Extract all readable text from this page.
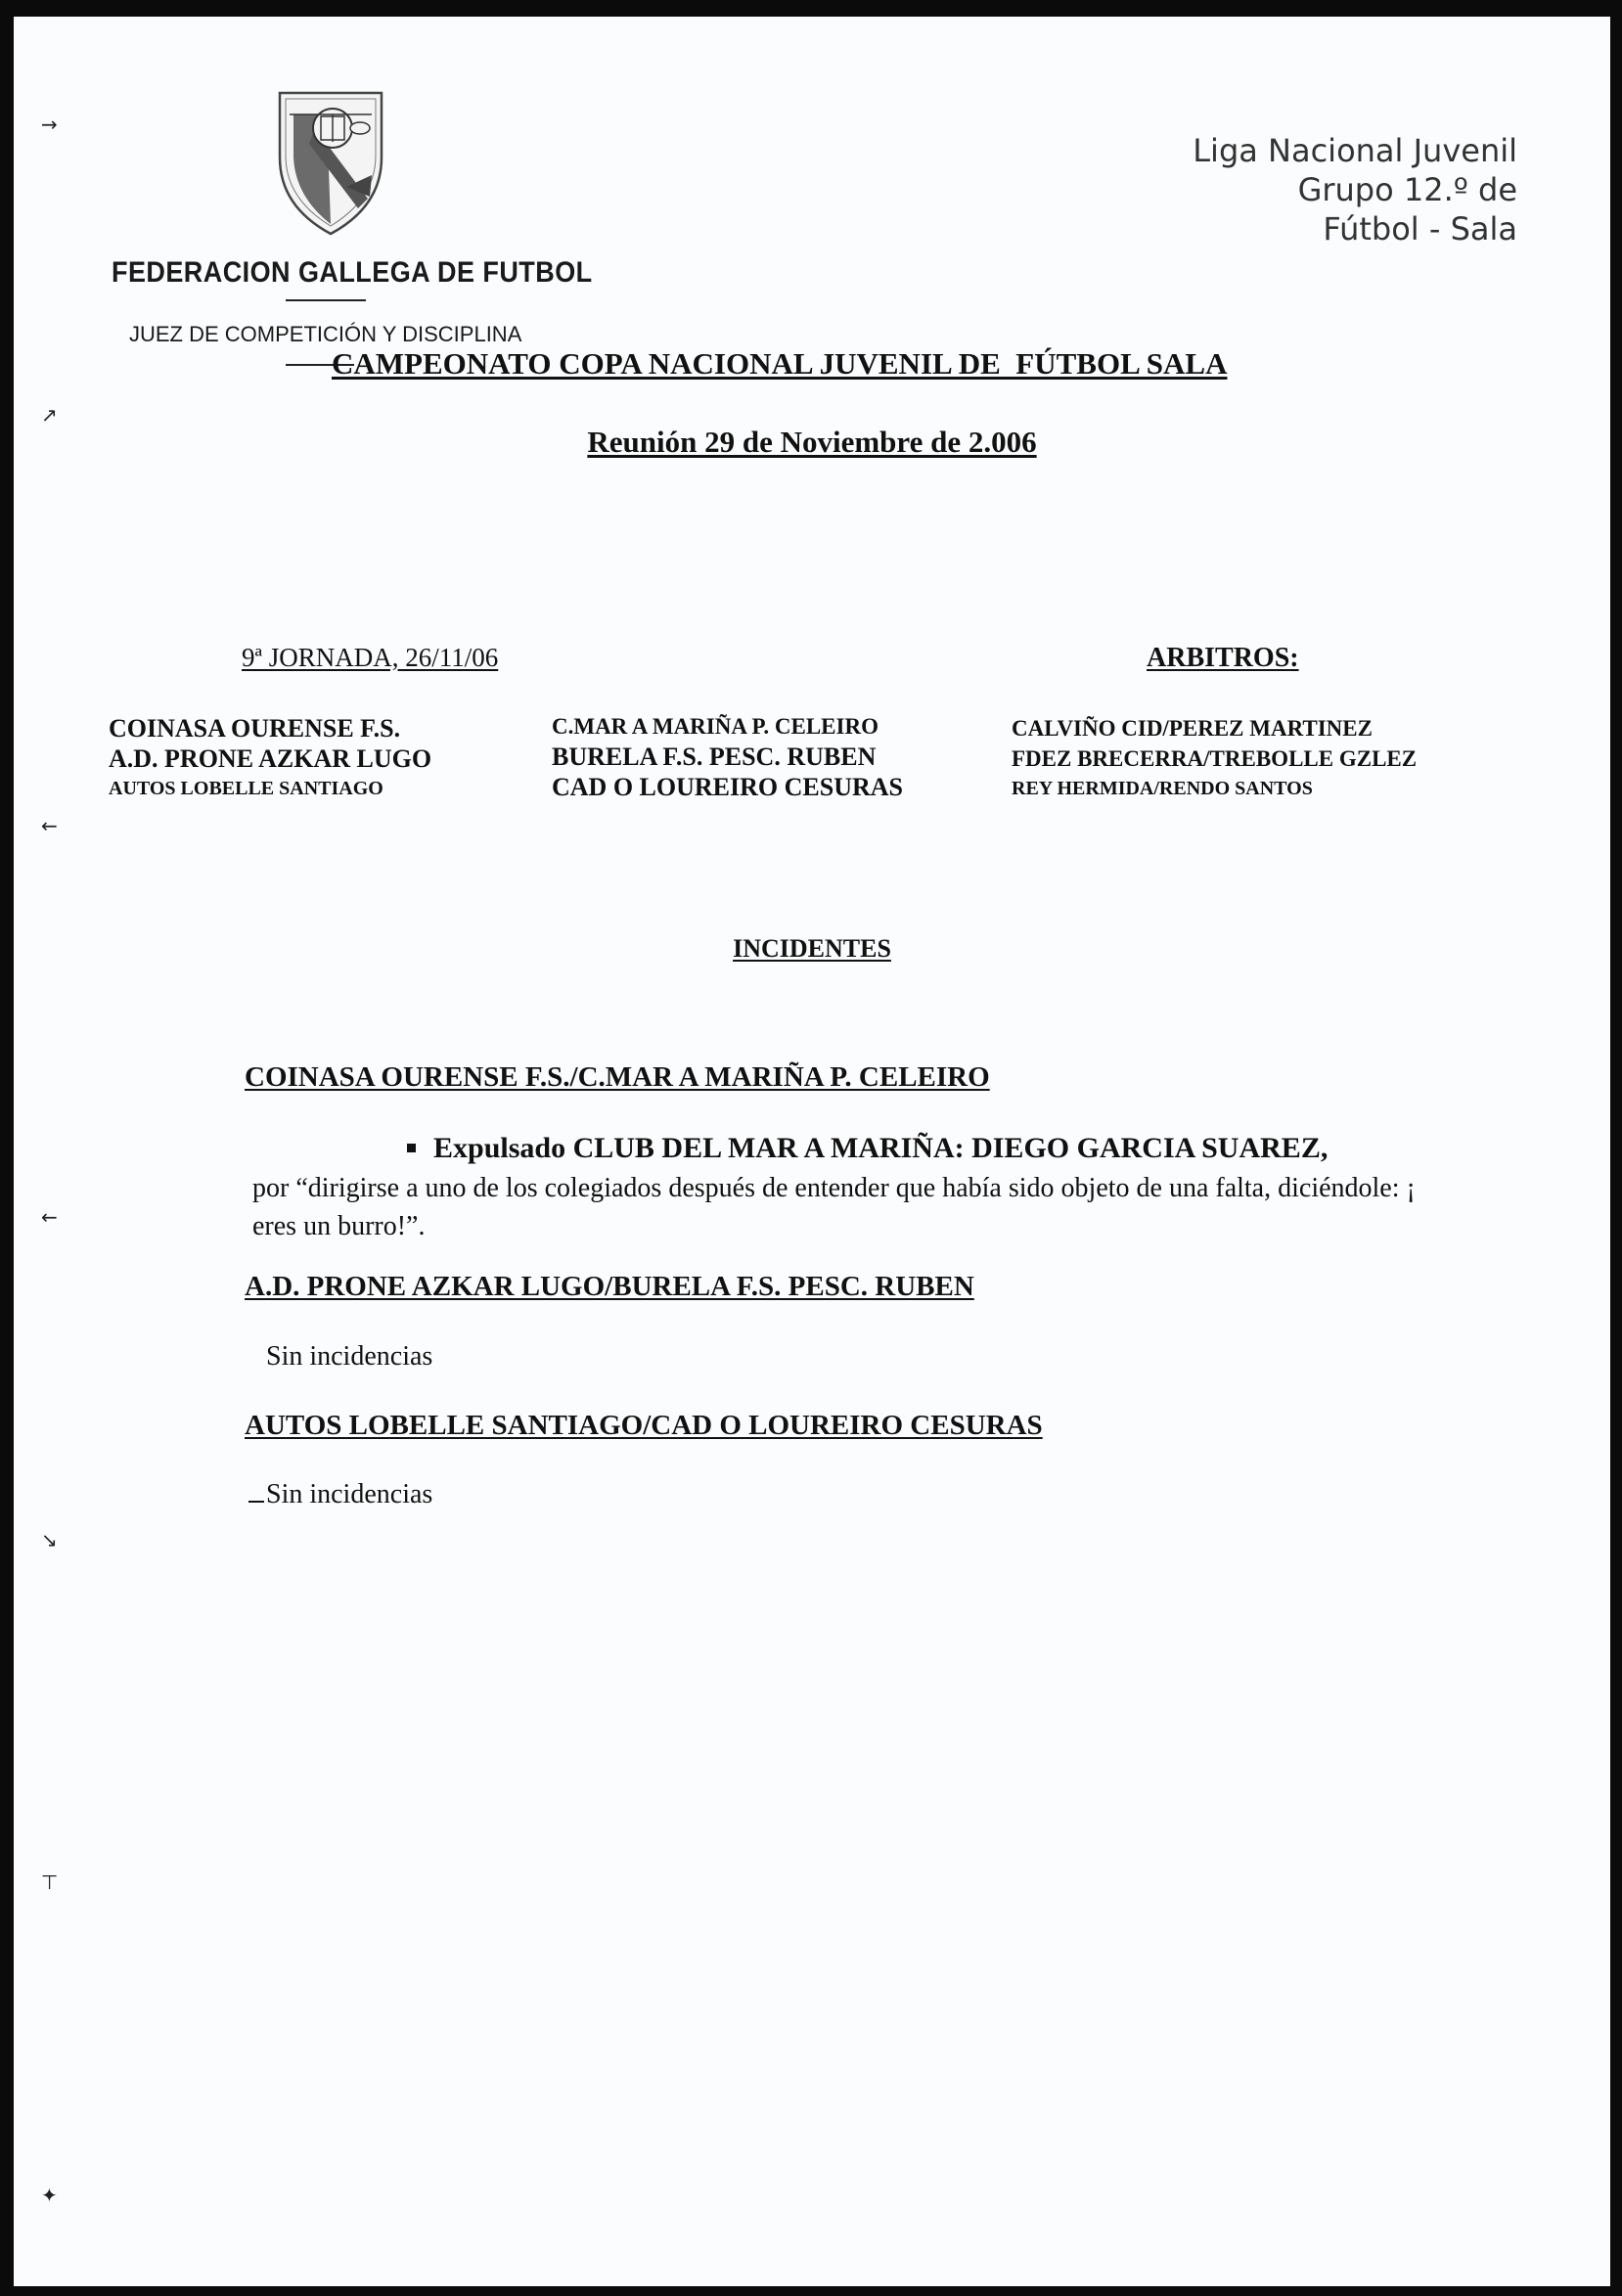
FEDERACION GALLEGA DE FUTBOL
JUEZ DE COMPETICIÓN Y DISCIPLINA
Liga Nacional Juvenil
Grupo 12.º de
Fútbol - Sala
CAMPEONATO COPA NACIONAL JUVENIL DE  FÚTBOL SALA
Reunión 29 de Noviembre de 2.006
9ª JORNADA, 26/11/06	ARBITROS:
COINASA OURENSE F.S.
A.D. PRONE AZKAR LUGO
AUTOS LOBELLE SANTIAGO
C.MAR A MARIÑA P. CELEIRO
BURELA F.S. PESC. RUBEN
CAD O LOUREIRO CESURAS
CALVIÑO CID/PEREZ MARTINEZ
FDEZ BRECERRA/TREBOLLE GZLEZ
REY HERMIDA/RENDO SANTOS
INCIDENTES
COINASA OURENSE F.S./C.MAR A MARIÑA P. CELEIRO
Expulsado CLUB DEL MAR A MARIÑA: DIEGO GARCIA SUAREZ,
por “dirigirse a uno de los colegiados después de entender que había sido objeto de una falta, diciéndole: ¡ eres un burro!”.
A.D. PRONE AZKAR LUGO/BURELA F.S. PESC. RUBEN
Sin incidencias
AUTOS LOBELLE SANTIAGO/CAD O LOUREIRO CESURAS
Sin incidencias
→
↗
←
←
↘
⊤
✦
